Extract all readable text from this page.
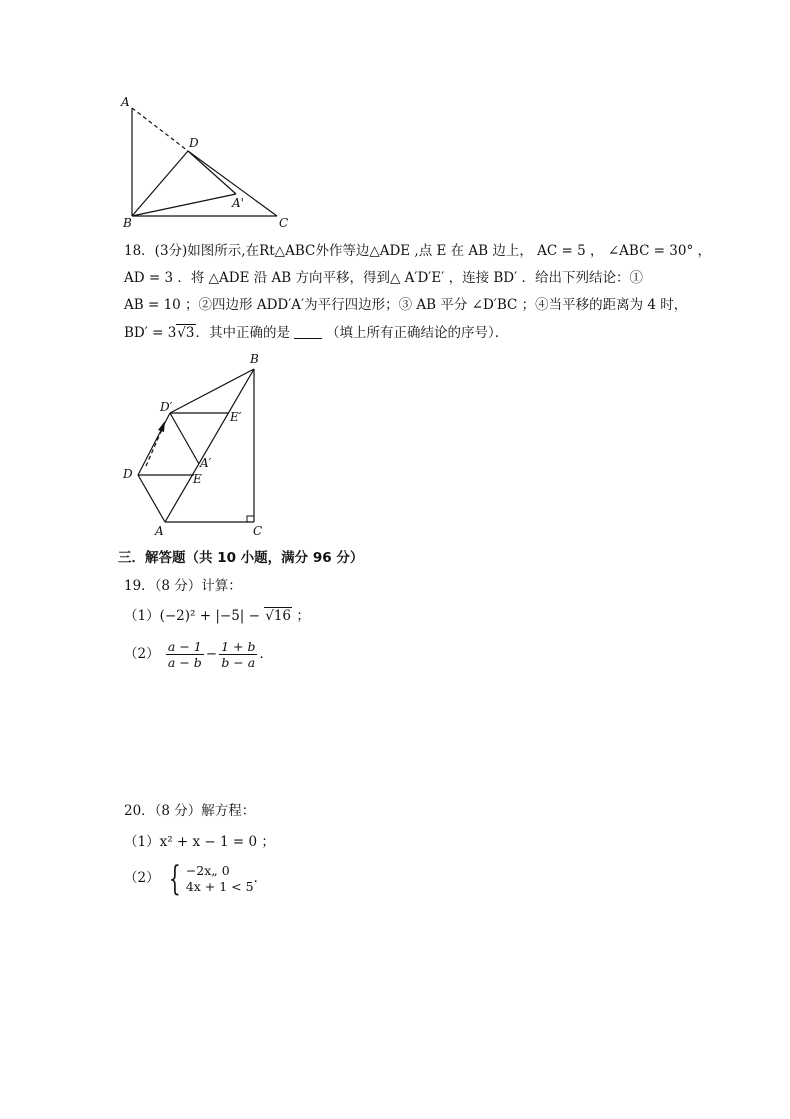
A
D
A'
B	C
18．(3分)如图所示,在Rt△ABC外作等边△ADE ,点 E 在 AB 边上， AC = 5 ， ∠ABC = 30° ，
AD = 3 ．将 △ADE 沿 AB 方向平移，得到△ A′D′E′ ，连接 BD′ ．给出下列结论：①
AB = 10 ；②四边形 ADD′A′为平行四边形；③ AB 平分 ∠D′BC ；④当平移的距离为 4 时，
BD′ = 3√3．其中正确的是	（填上所有正确结论的序号）．
B
D′
E′
A′
D	E
A	C
三．解答题（共 10 小题，满分 96 分）
19．（8 分）计算：
（1）(−2)² + |−5| − √16 ；
$(2) \frac{a - 1}{a - b} - \frac{1 + b}{b - a}$ ．
20．（8 分）解方程：
（1）x² + x − 1 = 0 ；
（2） { −2x„ 0
4x + 1 < 5 ．
